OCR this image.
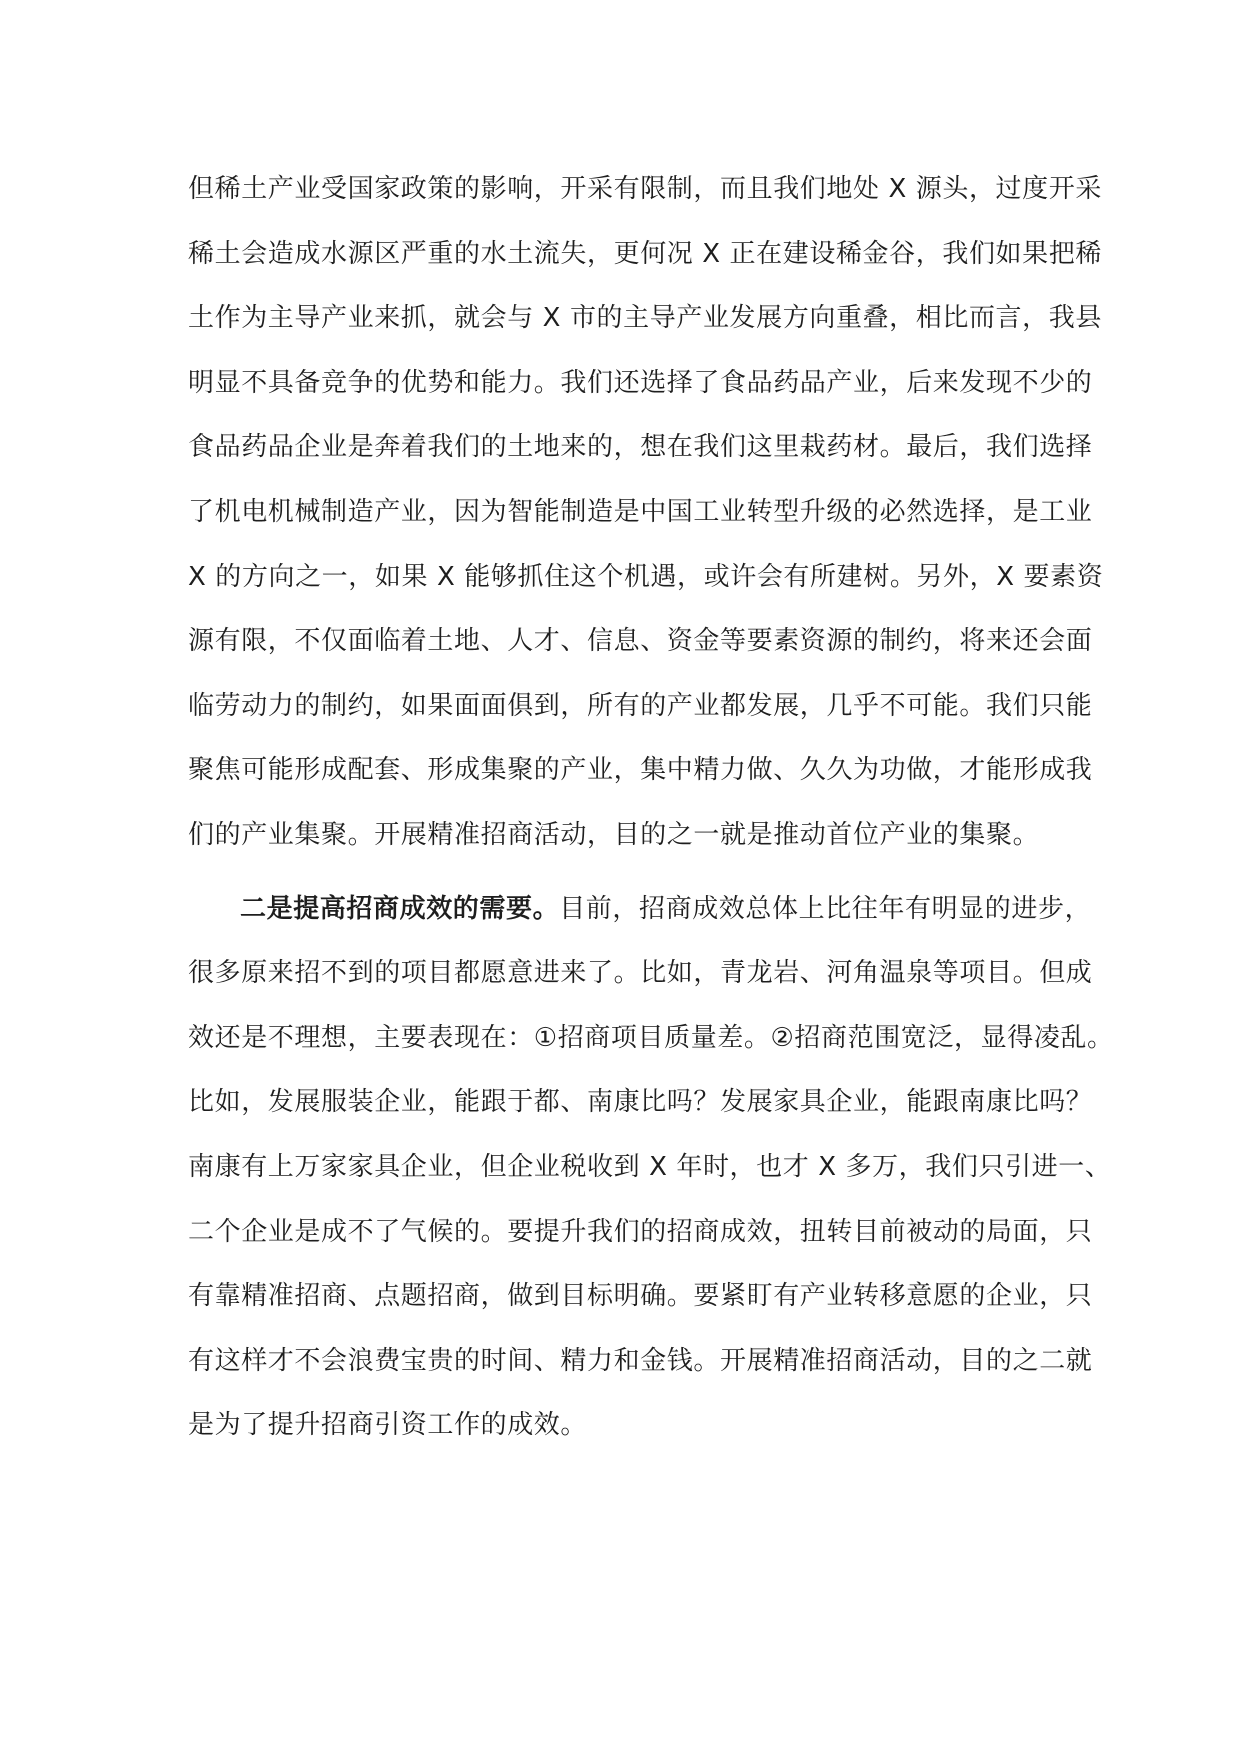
但稀土产业受国家政策的影响，开采有限制，而且我们地处 X 源头，过度开采
稀土会造成水源区严重的水土流失，更何况 X 正在建设稀金谷，我们如果把稀
土作为主导产业来抓，就会与 X 市的主导产业发展方向重叠，相比而言，我县
明显不具备竞争的优势和能力。我们还选择了食品药品产业，后来发现不少的
食品药品企业是奔着我们的土地来的，想在我们这里栽药材。最后，我们选择
了机电机械制造产业，因为智能制造是中国工业转型升级的必然选择，是工业
X 的方向之一，如果 X 能够抓住这个机遇，或许会有所建树。另外，X 要素资
源有限，不仅面临着土地、人才、信息、资金等要素资源的制约，将来还会面
临劳动力的制约，如果面面俱到，所有的产业都发展，几乎不可能。我们只能
聚焦可能形成配套、形成集聚的产业，集中精力做、久久为功做，才能形成我
们的产业集聚。开展精准招商活动，目的之一就是推动首位产业的集聚。

二是提高招商成效的需要。目前，招商成效总体上比往年有明显的进步，
很多原来招不到的项目都愿意进来了。比如，青龙岩、河角温泉等项目。但成
效还是不理想，主要表现在：①招商项目质量差。②招商范围宽泛，显得凌乱。
比如，发展服装企业，能跟于都、南康比吗？发展家具企业，能跟南康比吗？
南康有上万家家具企业，但企业税收到 X 年时，也才 X 多万，我们只引进一、
二个企业是成不了气候的。要提升我们的招商成效，扭转目前被动的局面，只
有靠精准招商、点题招商，做到目标明确。要紧盯有产业转移意愿的企业，只
有这样才不会浪费宝贵的时间、精力和金钱。开展精准招商活动，目的之二就
是为了提升招商引资工作的成效。
